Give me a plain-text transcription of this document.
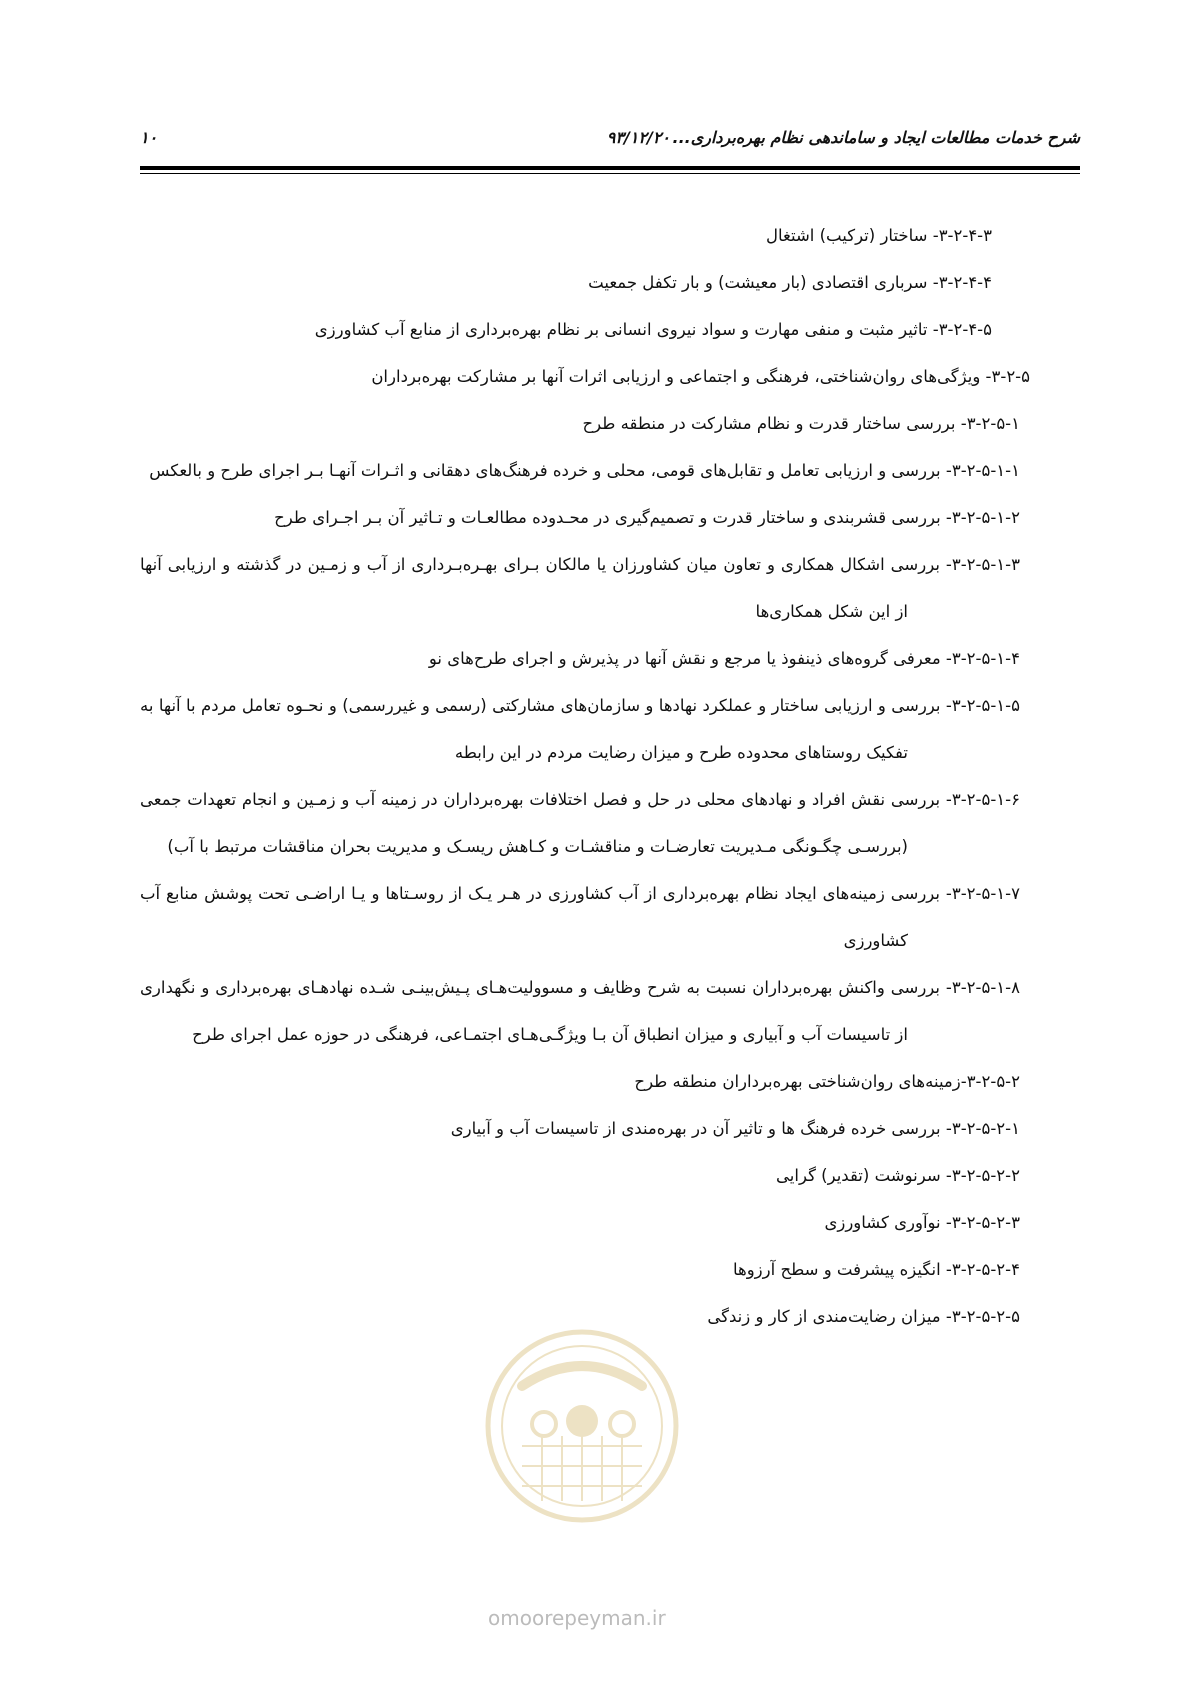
شرح خدمات مطالعات ایجاد و ساماندهی نظام بهره‌برداری...
۹۳/۱۲/۲۰
۱۰

۳-۲-۴-۳- ساختار (ترکیب) اشتغال

۳-۲-۴-۴- سرباری اقتصادی (بار معیشت) و بار تکفل جمعیت

۳-۲-۴-۵- تاثیر مثبت و منفی مهارت و سواد نیروی انسانی بر نظام بهره‌برداری از منابع آب کشاورزی

۳-۲-۵- ویژگی‌های روان‌شناختی، فرهنگی و اجتماعی و ارزیابی اثرات آنها بر مشارکت بهره‌برداران

۳-۲-۵-۱- بررسی ساختار قدرت و نظام مشارکت در منطقه طرح

۳-۲-۵-۱-۱- بررسی و ارزیابی تعامل و تقابل‌های قومی، محلی و خرده فرهنگ‌های دهقانی و اثـرات آنهـا بـر اجرای طرح و بالعکس

۳-۲-۵-۱-۲- بررسی قشربندی و ساختار قدرت و تصمیم‌گیری در محـدوده مطالعـات و تـاثیر آن بـر اجـرای طرح

۳-۲-۵-۱-۳- بررسی اشکال همکاری و تعاون میان کشاورزان یا مالکان بـرای بهـره‌بـرداری از آب و زمـین در گذشته و ارزیابی آنها از این شکل همکاری‌ها

۳-۲-۵-۱-۴- معرفی گروه‌های ذینفوذ یا مرجع و نقش آنها در پذیرش و اجرای طرح‌های نو

۳-۲-۵-۱-۵- بررسی و ارزیابی ساختار و عملکرد نهادها و سازمان‌های مشارکتی (رسمی و غیررسمی) و نحـوه تعامل مردم با آنها به تفکیک روستاهای محدوده طرح و میزان رضایت مردم در این رابطه

۳-۲-۵-۱-۶- بررسی نقش افراد و نهادهای محلی در حل و فصل اختلافات بهره‌برداران در زمینه آب و زمـین و انجام تعهدات جمعی (بررسـی چگـونگی مـدیریت تعارضـات و مناقشـات و کـاهش ریسـک و مدیریت بحران مناقشات مرتبط با آب)

۳-۲-۵-۱-۷- بررسی زمینه‌های ایجاد نظام بهره‌برداری از آب کشاورزی در هـر یـک از روسـتاها و یـا اراضـی تحت پوشش منابع آب کشاورزی

۳-۲-۵-۱-۸- بررسی واکنش بهره‌برداران نسبت به شرح وظایف و مسوولیت‌هـای پـیش‌بینـی شـده نهادهـای بهره‌برداری و نگهداری از تاسیسات آب و آبیاری و میزان انطباق آن بـا ویژگـی‌هـای اجتمـاعی، فرهنگی در حوزه عمل اجرای طرح

۳-۲-۵-۲-زمینه‌های روان‌شناختی بهره‌برداران منطقه طرح

۳-۲-۵-۲-۱- بررسی خرده فرهنگ ها و تاثیر آن در بهره‌مندی از تاسیسات آب و آبیاری

۳-۲-۵-۲-۲- سرنوشت (تقدیر) گرایی

۳-۲-۵-۲-۳- نوآوری کشاورزی

۳-۲-۵-۲-۴- انگیزه پیشرفت و سطح آرزوها

۳-۲-۵-۲-۵- میزان رضایت‌مندی از کار و زندگی

omoorepeyman.ir
